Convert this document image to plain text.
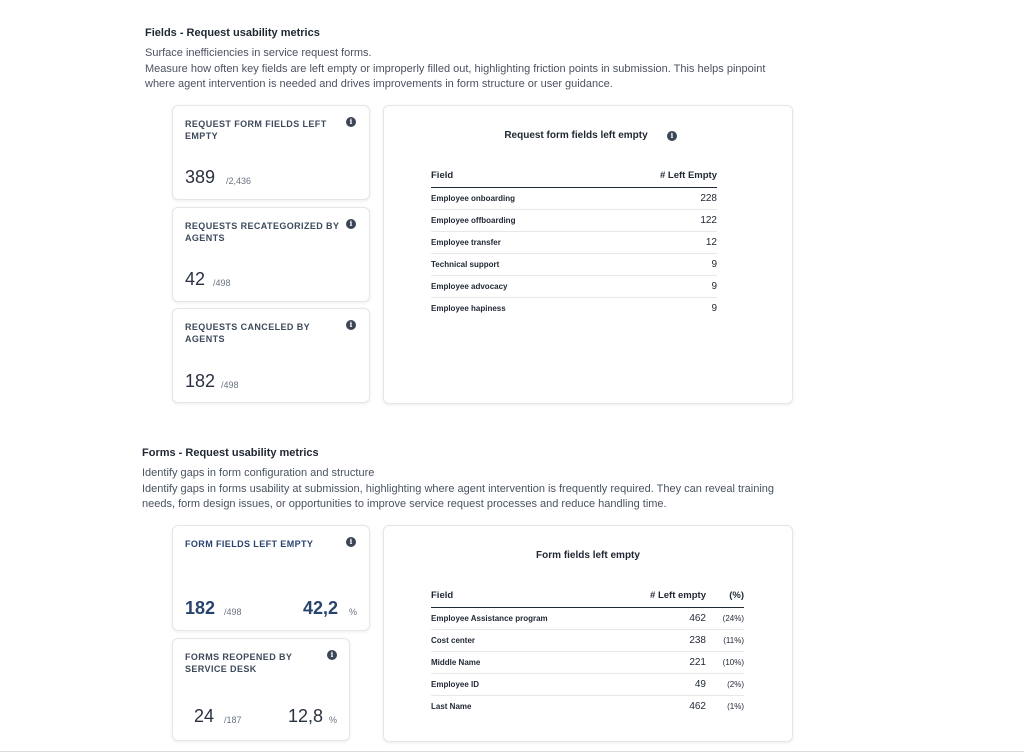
Fields - Request usability metrics
Surface inefficiencies in service request forms.
Measure how often key fields are left empty or improperly filled out, highlighting friction points in submission. This helps pinpoint
where agent intervention is needed and drives improvements in form structure or user guidance.
REQUEST FORM FIELDS LEFT
EMPTY
i
389 /2,436
REQUESTS RECATEGORIZED BY
AGENTS
i
42 /498
REQUESTS CANCELED BY
AGENTS
i
182 /498
Request form fields left empty	i
Field	# Left Empty
Employee onboarding	228
Employee offboarding	122
Employee transfer	12
Technical support	9
Employee advocacy	9
Employee hapiness	9
Forms - Request usability metrics
Identify gaps in form configuration and structure
Identify gaps in forms usability at submission, highlighting where agent intervention is frequently required. They can reveal training
needs, form design issues, or opportunities to improve service request processes and reduce handling time.
FORM FIELDS LEFT EMPTY	i
182 /498	42,2 %
FORMS REOPENED BY
SERVICE DESK
i
24 /187	12,8 %
Form fields left empty
Field	# Left empty	(%)
Employee Assistance program	462	(24%)
Cost center	238	(11%)
Middle Name	221	(10%)
Employee ID	49	(2%)
Last Name	462	(1%)
